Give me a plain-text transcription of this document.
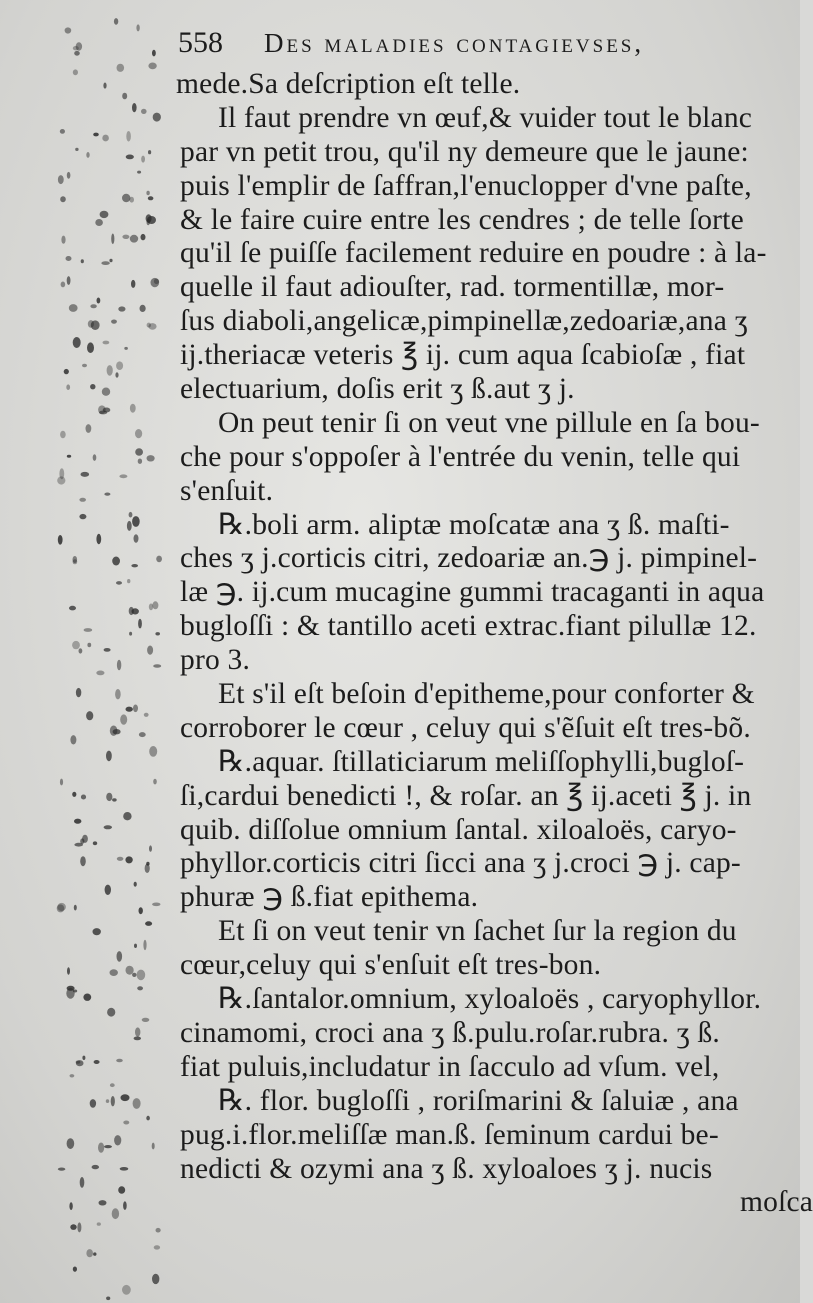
558 Des maladies contagievses,
mede.Sa deſcription eſt telle.
Il faut prendre vn œuf,& vuider tout le blanc
par vn petit trou, qu'il ny demeure que le jaune:
puis l'emplir de ſaffran,l'enuclopper d'vne paſte,
& le faire cuire entre les cendres ; de telle ſorte
qu'il ſe puiſſe facilement reduire en poudre : à la-
quelle il faut adiouſter, rad. tormentillæ, mor-
ſus diaboli,angelicæ,pimpinellæ,zedoariæ,ana ʒ
ij.theriacæ veteris ℥ ij. cum aqua ſcabioſæ , fiat
electuarium, doſis erit ʒ ß.aut ʒ j.
On peut tenir ſi on veut vne pillule en ſa bou-
che pour s'oppoſer à l'entrée du venin, telle qui
s'enſuit.
℞.boli arm. aliptæ moſcatæ ana ʒ ß. maſti-
ches ʒ j.corticis citri, zedoariæ an.℈ j. pimpinel-
læ ℈. ij.cum mucagine gummi tracaganti in aqua
bugloſſi : & tantillo aceti extrac.fiant pilullæ 12.
pro 3.
Et s'il eſt beſoin d'epitheme,pour conforter &
corroborer le cœur , celuy qui s'ẽſuit eſt tres-bõ.
℞.aquar. ſtillaticiarum meliſſophylli,bugloſ-
ſi,cardui benedicti !, & roſar. an ℥ ij.aceti ℥ j. in
quib. diſſolue omnium ſantal. xiloaloës, caryo-
phyllor.corticis citri ſicci ana ʒ j.croci ℈ j. cap-
phuræ ℈ ß.fiat epithema.
Et ſi on veut tenir vn ſachet ſur la region du
cœur,celuy qui s'enſuit eſt tres-bon.
℞.ſantalor.omnium, xyloaloës , caryophyllor.
cinamomi, croci ana ʒ ß.pulu.roſar.rubra. ʒ ß.
fiat puluis,includatur in ſacculo ad vſum. vel,
℞. flor. bugloſſi , roriſmarini & ſaluiæ , ana
pug.i.flor.meliſſæ man.ß. ſeminum cardui be-
nedicti & ozymi ana ʒ ß. xyloaloes ʒ j. nucis
moſca
